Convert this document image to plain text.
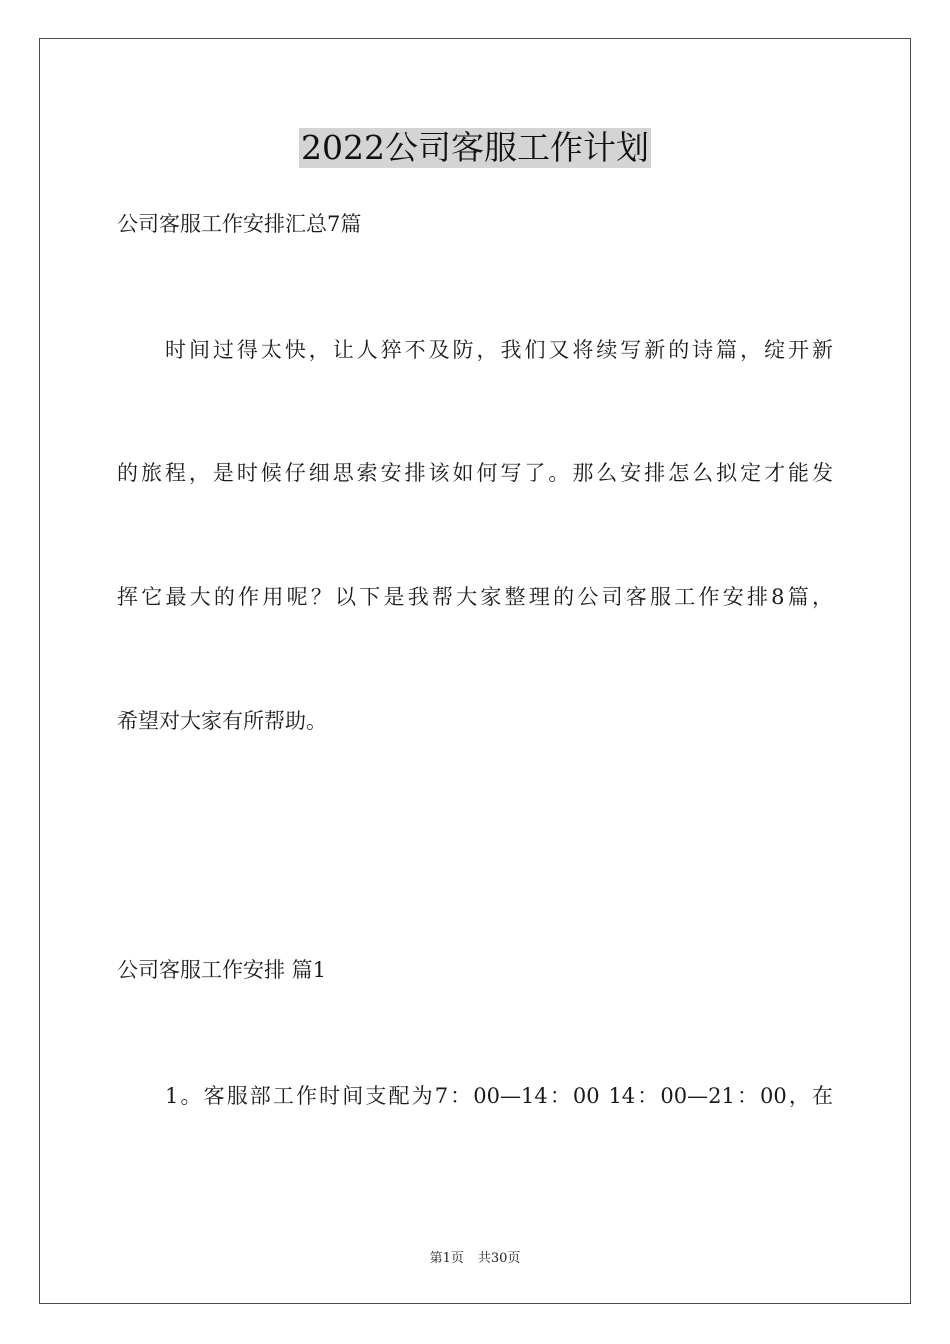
2022公司客服工作计划

公司客服工作安排汇总7篇

时间过得太快，让人猝不及防，我们又将续写新的诗篇，绽开新

的旅程，是时候仔细思索安排该如何写了。那么安排怎么拟定才能发

挥它最大的作用呢？以下是我帮大家整理的公司客服工作安排8篇，

希望对大家有所帮助。

公司客服工作安排 篇1

1。客服部工作时间支配为7：00—14：00 14：00—21：00，在

第1页 共30页
